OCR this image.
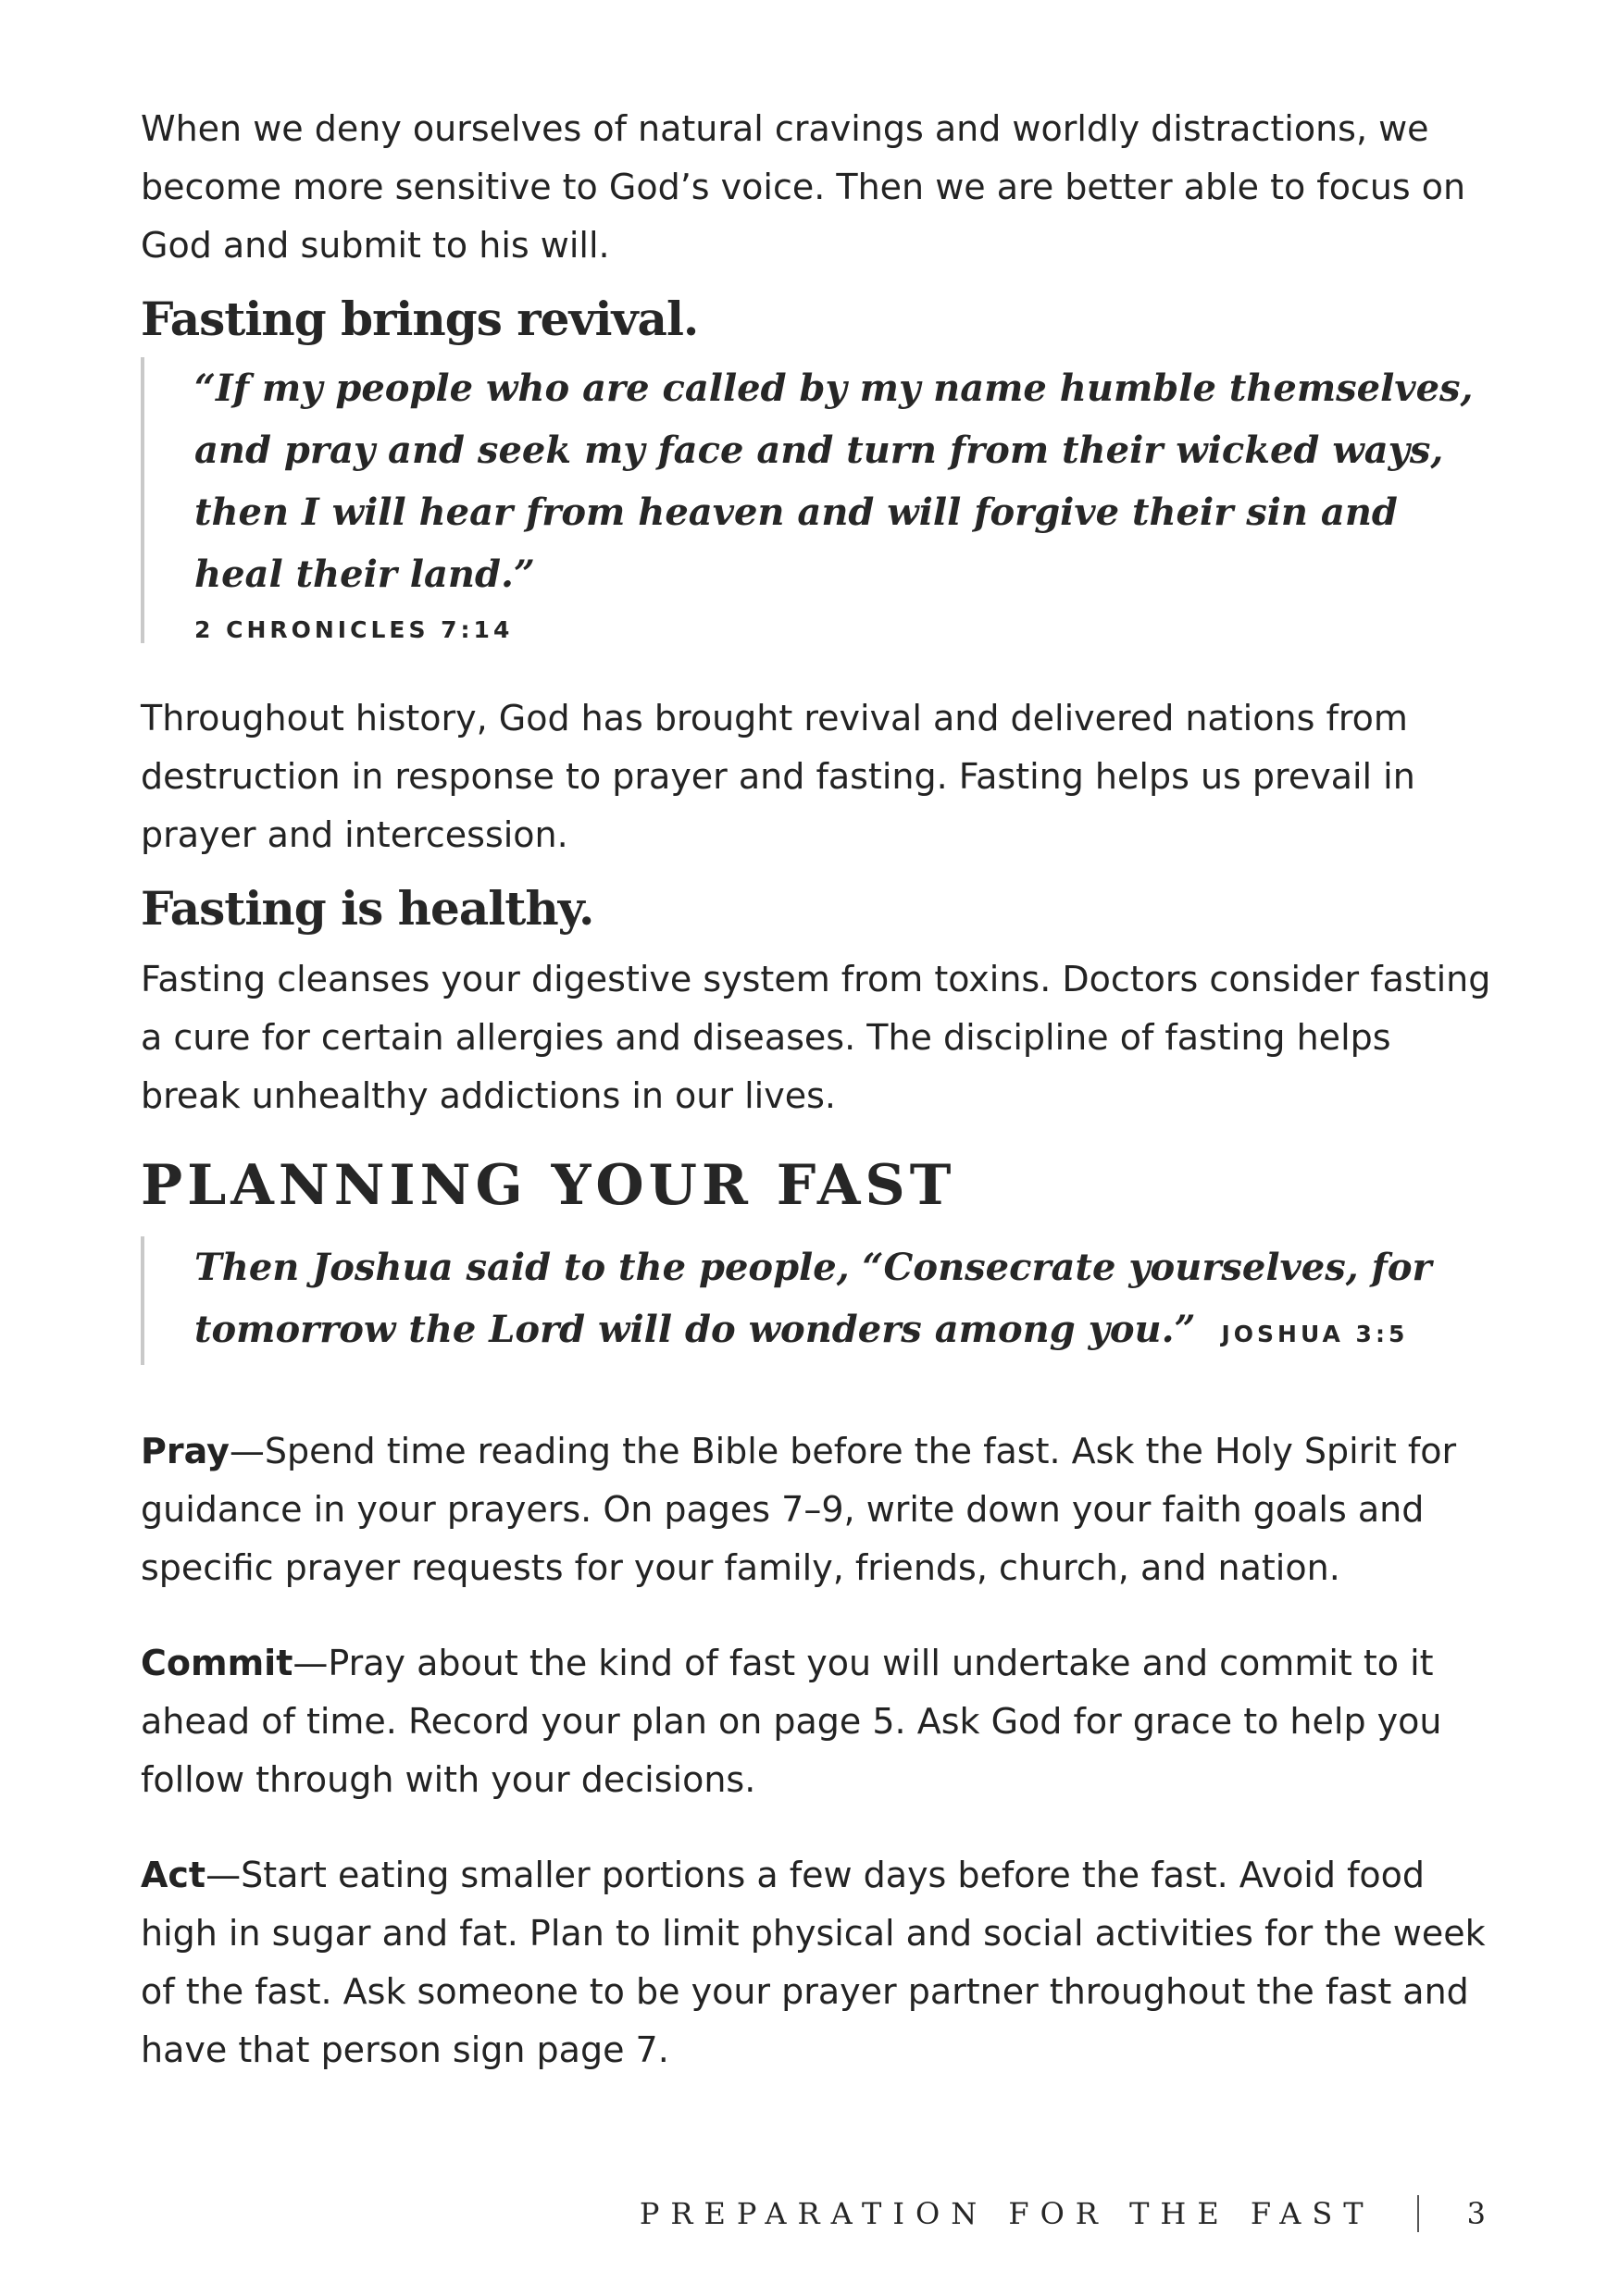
When we deny ourselves of natural cravings and worldly distractions, we become more sensitive to God’s voice. Then we are better able to focus on God and submit to his will.

Fasting brings revival.

“If my people who are called by my name humble themselves, and pray and seek my face and turn from their wicked ways, then I will hear from heaven and will forgive their sin and heal their land.”

2 CHRONICLES 7:14

Throughout history, God has brought revival and delivered nations from destruction in response to prayer and fasting. Fasting helps us prevail in prayer and intercession.

Fasting is healthy.

Fasting cleanses your digestive system from toxins. Doctors consider fasting a cure for certain allergies and diseases. The discipline of fasting helps break unhealthy addictions in our lives.

PLANNING YOUR FAST

Then Joshua said to the people, “Consecrate yourselves, for tomorrow the Lord will do wonders among you.” JOSHUA 3:5

Pray—Spend time reading the Bible before the fast. Ask the Holy Spirit for guidance in your prayers. On pages 7–9, write down your faith goals and specific prayer requests for your family, friends, church, and nation.

Commit—Pray about the kind of fast you will undertake and commit to it ahead of time. Record your plan on page 5. Ask God for grace to help you follow through with your decisions.

Act—Start eating smaller portions a few days before the fast. Avoid food high in sugar and fat. Plan to limit physical and social activities for the week of the fast. Ask someone to be your prayer partner throughout the fast and have that person sign page 7.

PREPARATION FOR THE FAST	3
